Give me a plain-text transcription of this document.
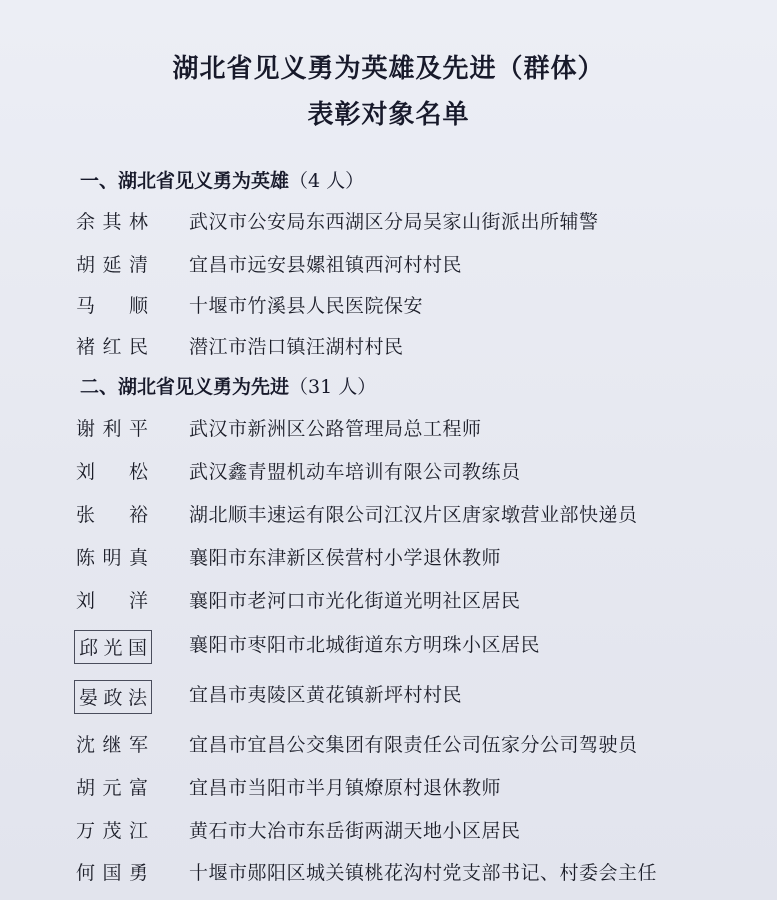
湖北省见义勇为英雄及先进（群体）
表彰对象名单
一、湖北省见义勇为英雄（4 人）
余其林 武汉市公安局东西湖区分局吴家山街派出所辅警
胡延清 宜昌市远安县嫘祖镇西河村村民
马　顺 十堰市竹溪县人民医院保安
褚红民 潜江市浩口镇汪湖村村民
二、湖北省见义勇为先进（31 人）
谢利平 武汉市新洲区公路管理局总工程师
刘　松 武汉鑫青盟机动车培训有限公司教练员
张　裕 湖北顺丰速运有限公司江汉片区唐家墩营业部快递员
陈明真 襄阳市东津新区侯营村小学退休教师
刘　洋 襄阳市老河口市光化街道光明社区居民
邱光国 襄阳市枣阳市北城街道东方明珠小区居民
晏政法 宜昌市夷陵区黄花镇新坪村村民
沈继军 宜昌市宜昌公交集团有限责任公司伍家分公司驾驶员
胡元富 宜昌市当阳市半月镇燎原村退休教师
万茂江 黄石市大冶市东岳街两湖天地小区居民
何国勇 十堰市郧阳区城关镇桃花沟村党支部书记、村委会主任
